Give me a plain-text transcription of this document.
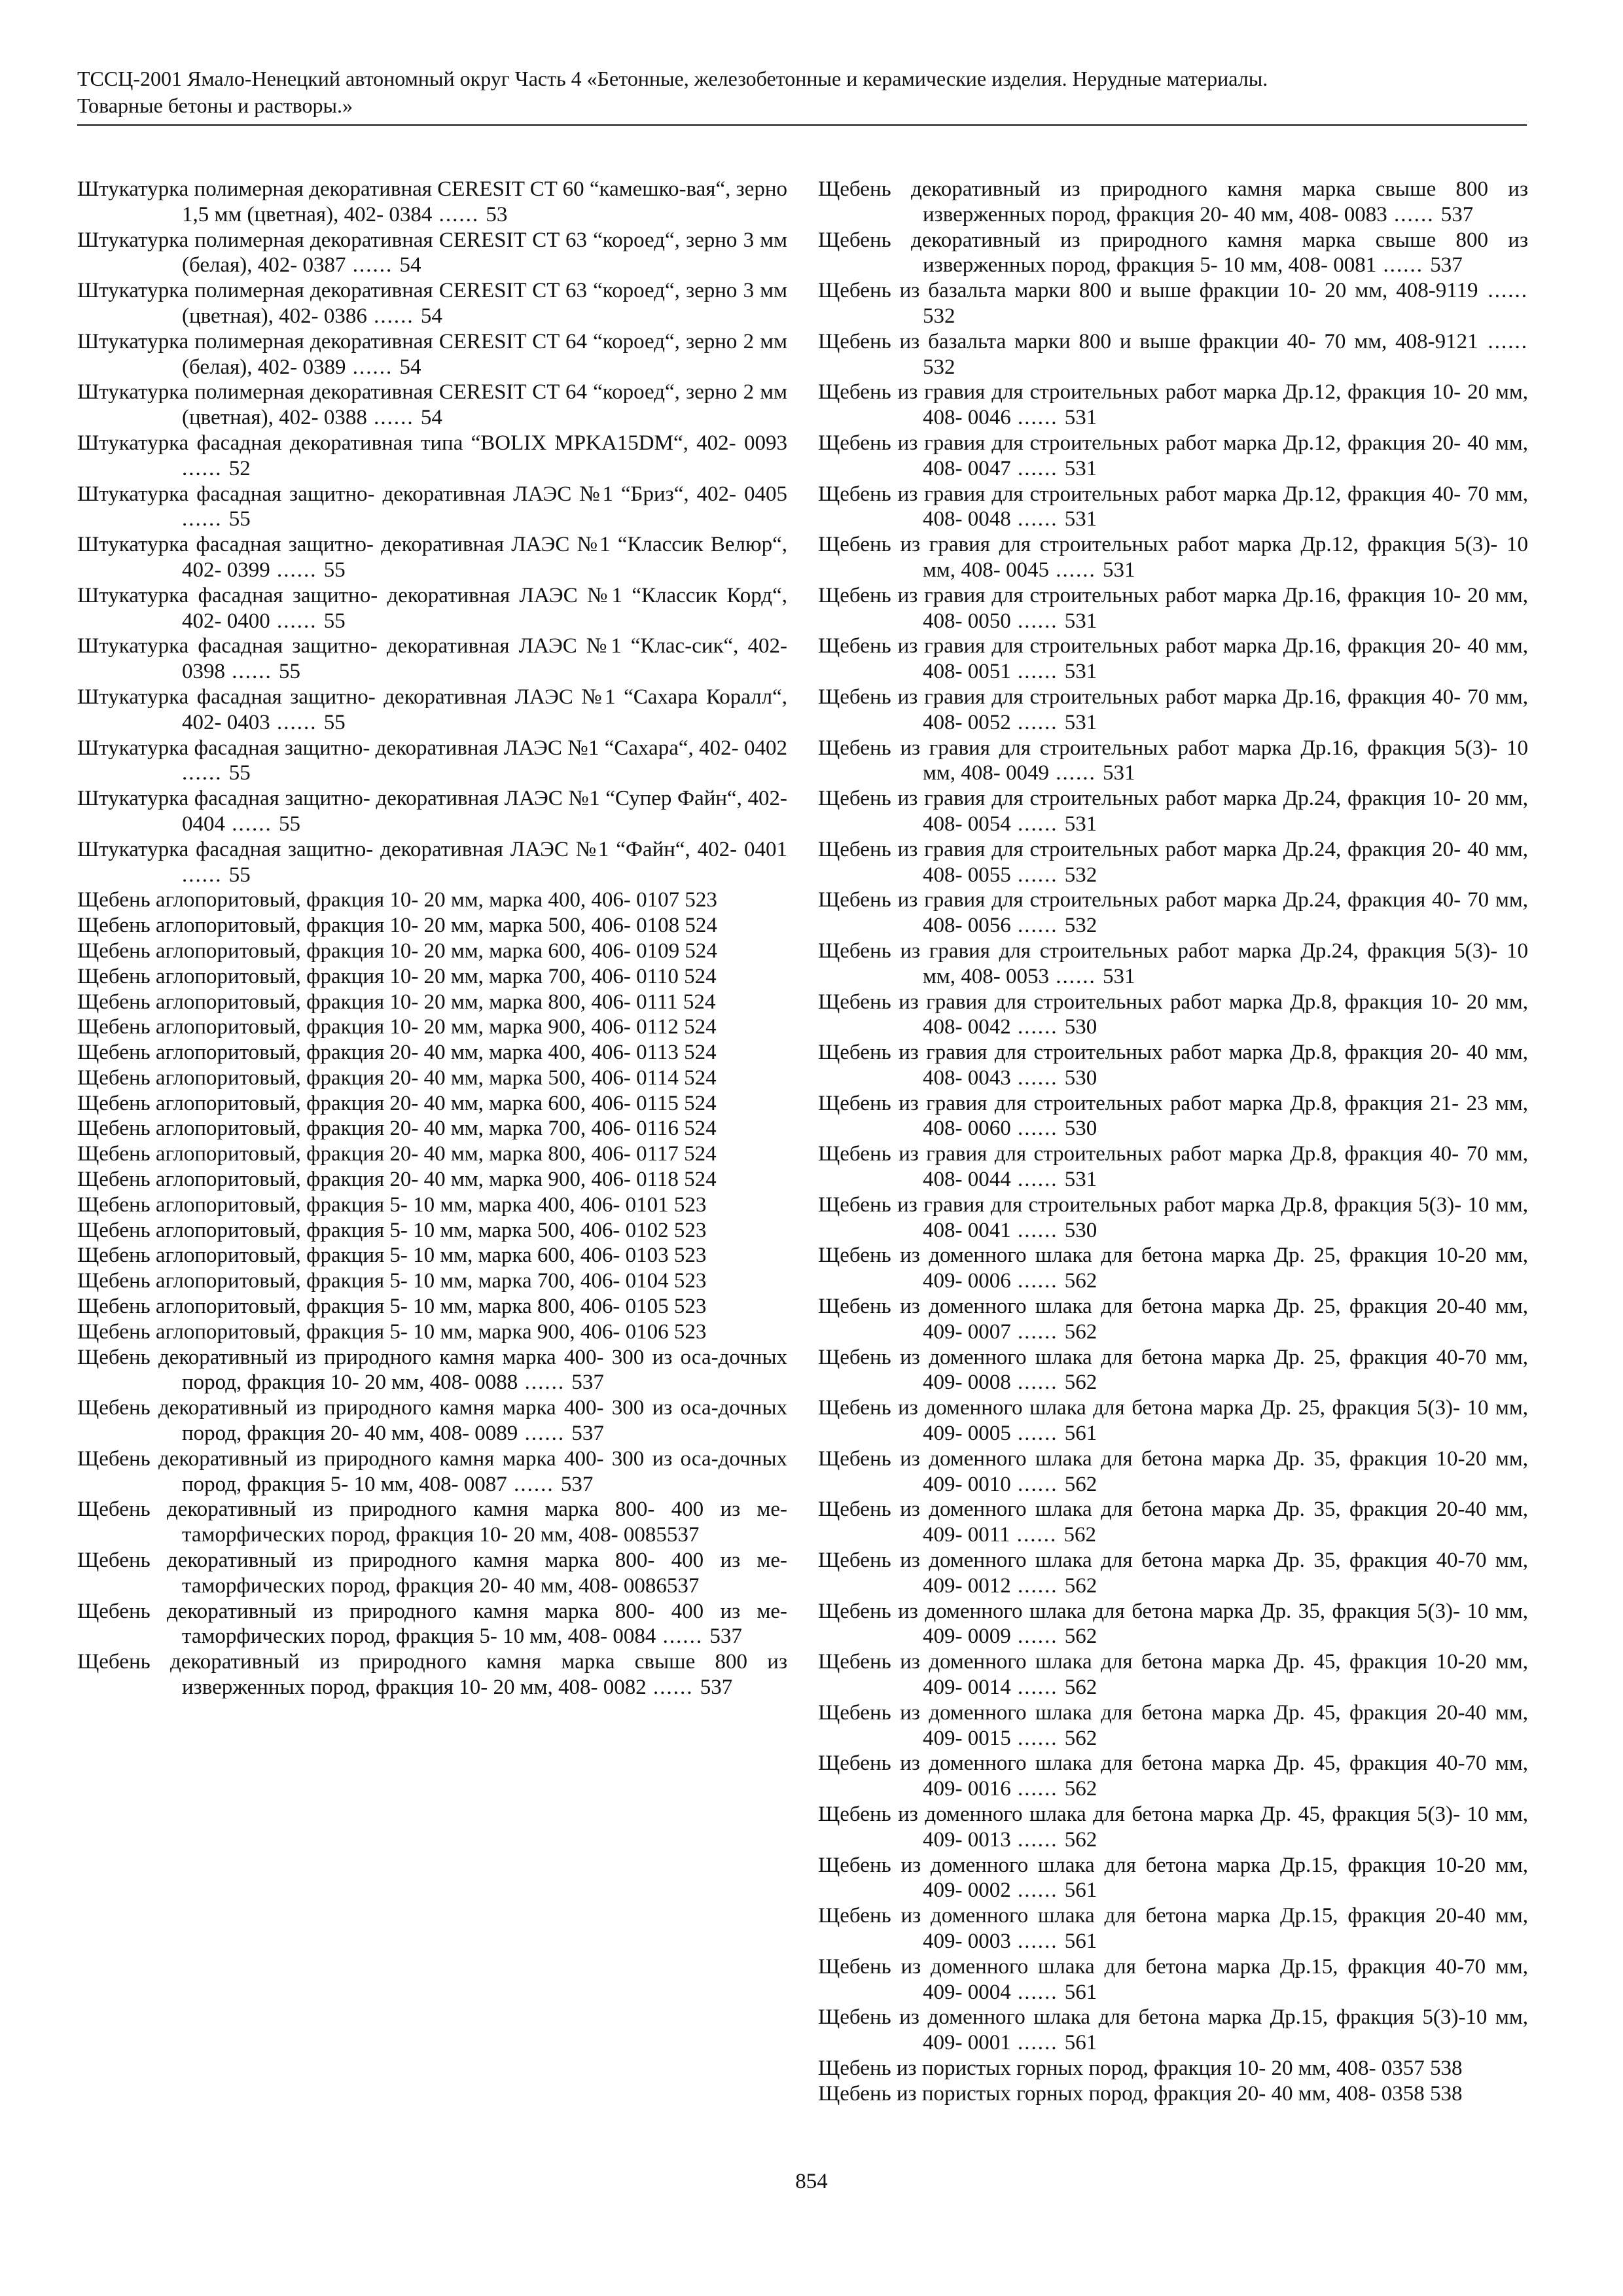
ТССЦ-2001 Ямало-Ненецкий автономный округ Часть 4 «Бетонные, железобетонные и керамические изделия. Нерудные материалы.
Товарные бетоны и растворы.»

Штукатурка полимерная декоративная CERESIT CT 60 “камешко-вая“, зерно 1,5 мм (цветная), 402- 0384 ...... 53

Штукатурка полимерная декоративная CERESIT CT 63 “короед“, зерно 3 мм (белая), 402- 0387 ...... 54

Штукатурка полимерная декоративная CERESIT CT 63 “короед“, зерно 3 мм (цветная), 402- 0386 ...... 54

Штукатурка полимерная декоративная CERESIT CT 64 “короед“, зерно 2 мм (белая), 402- 0389 ...... 54

Штукатурка полимерная декоративная CERESIT CT 64 “короед“, зерно 2 мм (цветная), 402- 0388 ...... 54

Штукатурка фасадная декоративная типа “BOLIX MPKA15DM“, 402- 0093 ...... 52

Штукатурка фасадная защитно- декоративная ЛАЭС №1 “Бриз“, 402- 0405 ...... 55

Штукатурка фасадная защитно- декоративная ЛАЭС №1 “Классик Велюр“, 402- 0399 ...... 55

Штукатурка фасадная защитно- декоративная ЛАЭС №1 “Классик Корд“, 402- 0400 ...... 55

Штукатурка фасадная защитно- декоративная ЛАЭС №1 “Клас-сик“, 402- 0398 ...... 55

Штукатурка фасадная защитно- декоративная ЛАЭС №1 “Сахара Коралл“, 402- 0403 ...... 55

Штукатурка фасадная защитно- декоративная ЛАЭС №1 “Сахара“, 402- 0402 ...... 55

Штукатурка фасадная защитно- декоративная ЛАЭС №1 “Супер Файн“, 402- 0404 ...... 55

Штукатурка фасадная защитно- декоративная ЛАЭС №1 “Файн“, 402- 0401 ...... 55

Щебень аглопоритовый, фракция 10- 20 мм, марка 400, 406- 0107 523

Щебень аглопоритовый, фракция 10- 20 мм, марка 500, 406- 0108 524

Щебень аглопоритовый, фракция 10- 20 мм, марка 600, 406- 0109 524

Щебень аглопоритовый, фракция 10- 20 мм, марка 700, 406- 0110 524

Щебень аглопоритовый, фракция 10- 20 мм, марка 800, 406- 0111 524

Щебень аглопоритовый, фракция 10- 20 мм, марка 900, 406- 0112 524

Щебень аглопоритовый, фракция 20- 40 мм, марка 400, 406- 0113 524

Щебень аглопоритовый, фракция 20- 40 мм, марка 500, 406- 0114 524

Щебень аглопоритовый, фракция 20- 40 мм, марка 600, 406- 0115 524

Щебень аглопоритовый, фракция 20- 40 мм, марка 700, 406- 0116 524

Щебень аглопоритовый, фракция 20- 40 мм, марка 800, 406- 0117 524

Щебень аглопоритовый, фракция 20- 40 мм, марка 900, 406- 0118 524

Щебень аглопоритовый, фракция 5- 10 мм, марка 400, 406- 0101 523

Щебень аглопоритовый, фракция 5- 10 мм, марка 500, 406- 0102 523

Щебень аглопоритовый, фракция 5- 10 мм, марка 600, 406- 0103 523

Щебень аглопоритовый, фракция 5- 10 мм, марка 700, 406- 0104 523

Щебень аглопоритовый, фракция 5- 10 мм, марка 800, 406- 0105 523

Щебень аглопоритовый, фракция 5- 10 мм, марка 900, 406- 0106 523

Щебень декоративный из природного камня марка 400- 300 из оса-дочных пород, фракция 10- 20 мм, 408- 0088 ...... 537

Щебень декоративный из природного камня марка 400- 300 из оса-дочных пород, фракция 20- 40 мм, 408- 0089 ...... 537

Щебень декоративный из природного камня марка 400- 300 из оса-дочных пород, фракция 5- 10 мм, 408- 0087 ...... 537

Щебень декоративный из природного камня марка 800- 400 из ме-таморфических пород, фракция 10- 20 мм, 408- 0085537

Щебень декоративный из природного камня марка 800- 400 из ме-таморфических пород, фракция 20- 40 мм, 408- 0086537

Щебень декоративный из природного камня марка 800- 400 из ме-таморфических пород, фракция 5- 10 мм, 408- 0084 ...... 537

Щебень декоративный из природного камня марка свыше 800 из изверженных пород, фракция 10- 20 мм, 408- 0082 ...... 537

Щебень декоративный из природного камня марка свыше 800 из изверженных пород, фракция 20- 40 мм, 408- 0083 ...... 537

Щебень декоративный из природного камня марка свыше 800 из изверженных пород, фракция 5- 10 мм, 408- 0081 ...... 537

Щебень из базальта марки 800 и выше фракции 10- 20 мм, 408-9119 ...... 532

Щебень из базальта марки 800 и выше фракции 40- 70 мм, 408-9121 ...... 532

Щебень из гравия для строительных работ марка Др.12, фракция 10- 20 мм, 408- 0046 ...... 531

Щебень из гравия для строительных работ марка Др.12, фракция 20- 40 мм, 408- 0047 ...... 531

Щебень из гравия для строительных работ марка Др.12, фракция 40- 70 мм, 408- 0048 ...... 531

Щебень из гравия для строительных работ марка Др.12, фракция 5(3)- 10 мм, 408- 0045 ...... 531

Щебень из гравия для строительных работ марка Др.16, фракция 10- 20 мм, 408- 0050 ...... 531

Щебень из гравия для строительных работ марка Др.16, фракция 20- 40 мм, 408- 0051 ...... 531

Щебень из гравия для строительных работ марка Др.16, фракция 40- 70 мм, 408- 0052 ...... 531

Щебень из гравия для строительных работ марка Др.16, фракция 5(3)- 10 мм, 408- 0049 ...... 531

Щебень из гравия для строительных работ марка Др.24, фракция 10- 20 мм, 408- 0054 ...... 531

Щебень из гравия для строительных работ марка Др.24, фракция 20- 40 мм, 408- 0055 ...... 532

Щебень из гравия для строительных работ марка Др.24, фракция 40- 70 мм, 408- 0056 ...... 532

Щебень из гравия для строительных работ марка Др.24, фракция 5(3)- 10 мм, 408- 0053 ...... 531

Щебень из гравия для строительных работ марка Др.8, фракция 10- 20 мм, 408- 0042 ...... 530

Щебень из гравия для строительных работ марка Др.8, фракция 20- 40 мм, 408- 0043 ...... 530

Щебень из гравия для строительных работ марка Др.8, фракция 21- 23 мм, 408- 0060 ...... 530

Щебень из гравия для строительных работ марка Др.8, фракция 40- 70 мм, 408- 0044 ...... 531

Щебень из гравия для строительных работ марка Др.8, фракция 5(3)- 10 мм, 408- 0041 ...... 530

Щебень из доменного шлака для бетона марка Др. 25, фракция 10-20 мм, 409- 0006 ...... 562

Щебень из доменного шлака для бетона марка Др. 25, фракция 20-40 мм, 409- 0007 ...... 562

Щебень из доменного шлака для бетона марка Др. 25, фракция 40-70 мм, 409- 0008 ...... 562

Щебень из доменного шлака для бетона марка Др. 25, фракция 5(3)- 10 мм, 409- 0005 ...... 561

Щебень из доменного шлака для бетона марка Др. 35, фракция 10-20 мм, 409- 0010 ...... 562

Щебень из доменного шлака для бетона марка Др. 35, фракция 20-40 мм, 409- 0011 ...... 562

Щебень из доменного шлака для бетона марка Др. 35, фракция 40-70 мм, 409- 0012 ...... 562

Щебень из доменного шлака для бетона марка Др. 35, фракция 5(3)- 10 мм, 409- 0009 ...... 562

Щебень из доменного шлака для бетона марка Др. 45, фракция 10-20 мм, 409- 0014 ...... 562

Щебень из доменного шлака для бетона марка Др. 45, фракция 20-40 мм, 409- 0015 ...... 562

Щебень из доменного шлака для бетона марка Др. 45, фракция 40-70 мм, 409- 0016 ...... 562

Щебень из доменного шлака для бетона марка Др. 45, фракция 5(3)- 10 мм, 409- 0013 ...... 562

Щебень из доменного шлака для бетона марка Др.15, фракция 10-20 мм, 409- 0002 ...... 561

Щебень из доменного шлака для бетона марка Др.15, фракция 20-40 мм, 409- 0003 ...... 561

Щебень из доменного шлака для бетона марка Др.15, фракция 40-70 мм, 409- 0004 ...... 561

Щебень из доменного шлака для бетона марка Др.15, фракция 5(3)-10 мм, 409- 0001 ...... 561

Щебень из пористых горных пород, фракция 10- 20 мм, 408- 0357 538

Щебень из пористых горных пород, фракция 20- 40 мм, 408- 0358 538

854
